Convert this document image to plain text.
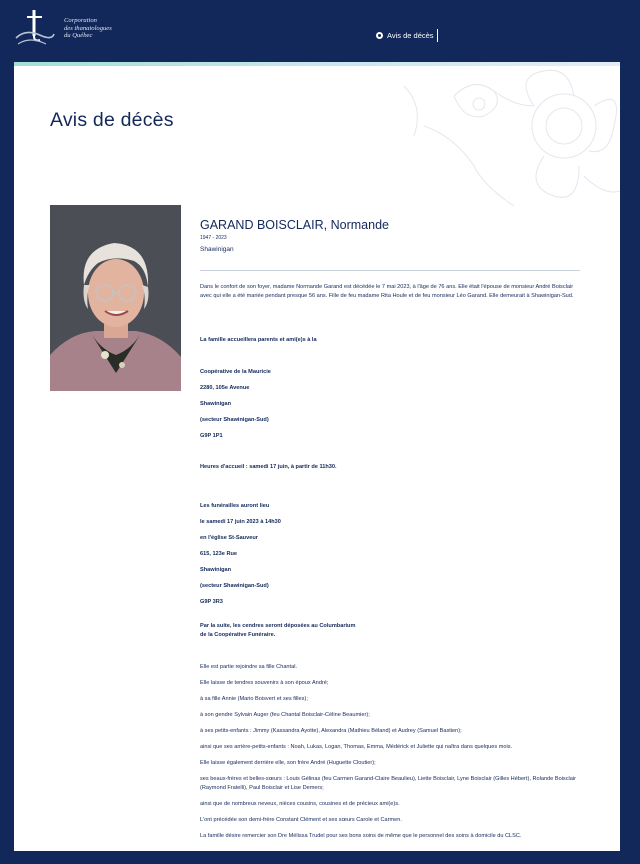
Corporation
des thanatologues
du Québec	Avis de décès
Avis de décès
GARAND BOISCLAIR, Normande
1947 - 2023
Shawinigan

Dans le confort de son foyer, madame Normande Garand est décédée le 7 mai 2023, à l'âge de 76 ans. Elle était l'épouse de monsieur André Boisclair avec qui elle a été mariée pendant presque 56 ans. Fille de feu madame Rita Houle et de feu monsieur Léo Garand. Elle demeurait à Shawinigan-Sud.

La famille accueillera parents et ami(e)s à la

Coopérative de la Mauricie

2280, 105e Avenue

Shawinigan

(secteur Shawinigan-Sud)

G9P 1P1

Heures d'accueil : samedi 17 juin, à partir de 11h30.

Les funérailles auront lieu

le samedi 17 juin 2023 à 14h30

en l'église St-Sauveur

615, 123e Rue

Shawinigan

(secteur Shawinigan-Sud)

G9P 3R3

Par la suite, les cendres seront déposées au Columbarium

de la Coopérative Funéraire.

Elle est partie rejoindre sa fille Chantal.

Elle laisse de tendres souvenirs à son époux André;

à sa fille Annie (Mario Boisvert et ses filles);

à son gendre Sylvain Auger (feu Chantal Boisclair-Céline Beaumier);

à ses petits-enfants : Jimmy (Kassandra Ayotte), Alexandra (Mathieu Béland) et Audrey (Samuel Bastien);

ainsi que ses arrière-petits-enfants : Noah, Lukas, Logan, Thomas, Emma, Médérick et Juliette qui naîtra dans quelques mois.

Elle laisse également derrière elle, son frère André (Huguette Cloutier);

ses beaux-frères et belles-sœurs : Louis Gélinas (feu Carmen Garand-Claire Beaulieu), Liette Boisclair, Lyne Boisclair (Gilles Hébert), Rolande Boisclair (Raymond Fratelli), Paul Boisclair et Lise Demers;

ainsi que de nombreux neveux, nièces cousins, cousines et de précieux ami(e)s.

L'ont précédée son demi-frère Constant Clément et ses sœurs Carole et Carmen.

La famille désire remercier son Dre Mélissa Trudel pour ses bons soins de même que le personnel des soins à domicile du CLSC.
